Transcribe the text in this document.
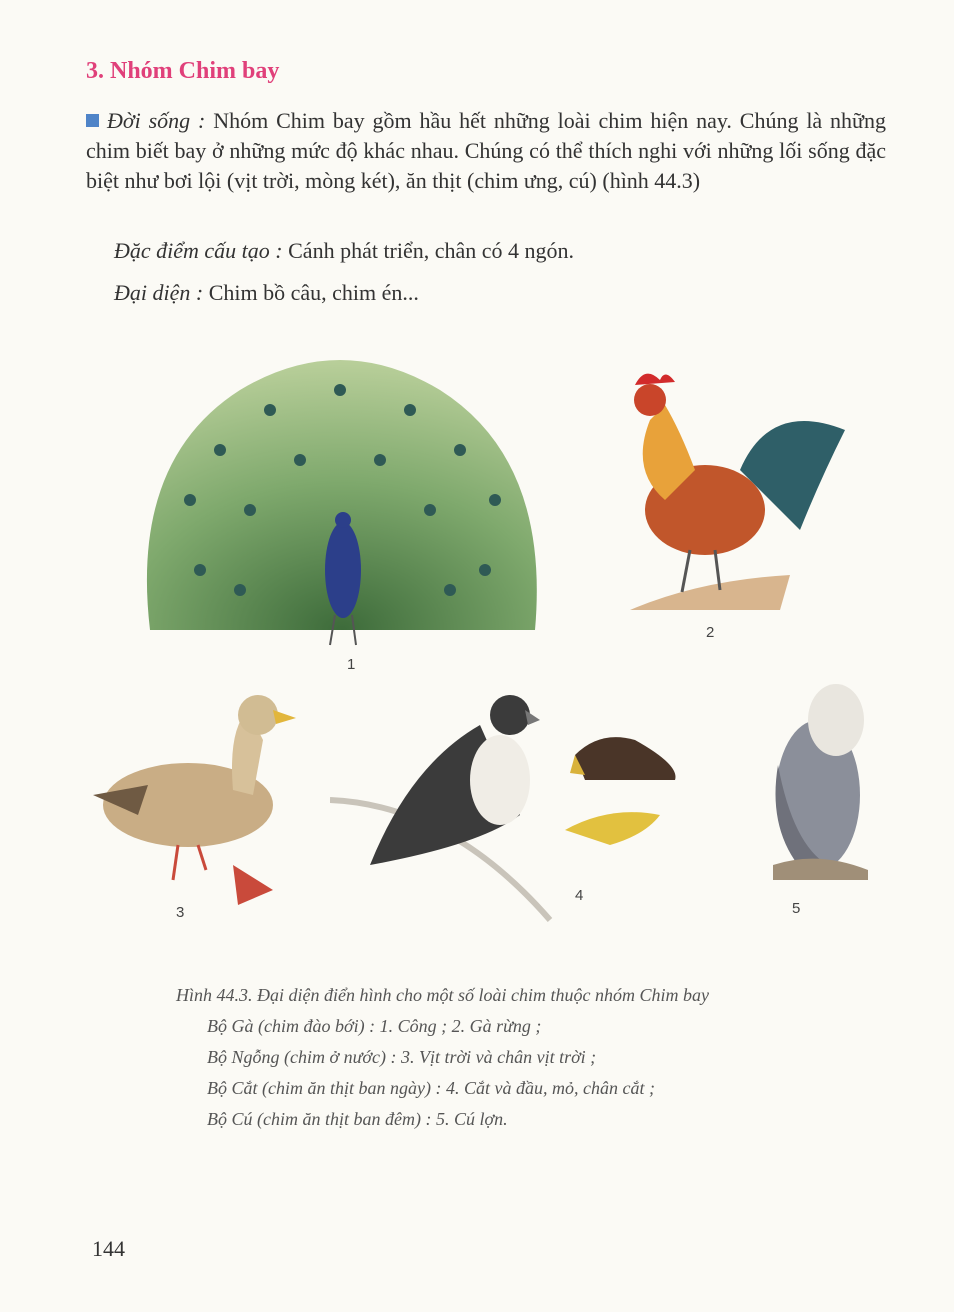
3. Nhóm Chim bay
Đời sống : Nhóm Chim bay gồm hầu hết những loài chim hiện nay. Chúng là những chim biết bay ở những mức độ khác nhau. Chúng có thể thích nghi với những lối sống đặc biệt như bơi lội (vịt trời, mòng két), ăn thịt (chim ưng, cú) (hình 44.3)
Đặc điểm cấu tạo : Cánh phát triển, chân có 4 ngón.
Đại diện : Chim bồ câu, chim én...
1
2
3
4
5
Hình 44.3. Đại diện điển hình cho một số loài chim thuộc nhóm Chim bay
Bộ Gà (chim đào bới) : 1. Công ; 2. Gà rừng ;
Bộ Ngỗng (chim ở nước) : 3. Vịt trời và chân vịt trời ;
Bộ Cắt (chim ăn thịt ban ngày) : 4. Cắt và đầu, mỏ, chân cắt ;
Bộ Cú (chim ăn thịt ban đêm) : 5. Cú lợn.
144
